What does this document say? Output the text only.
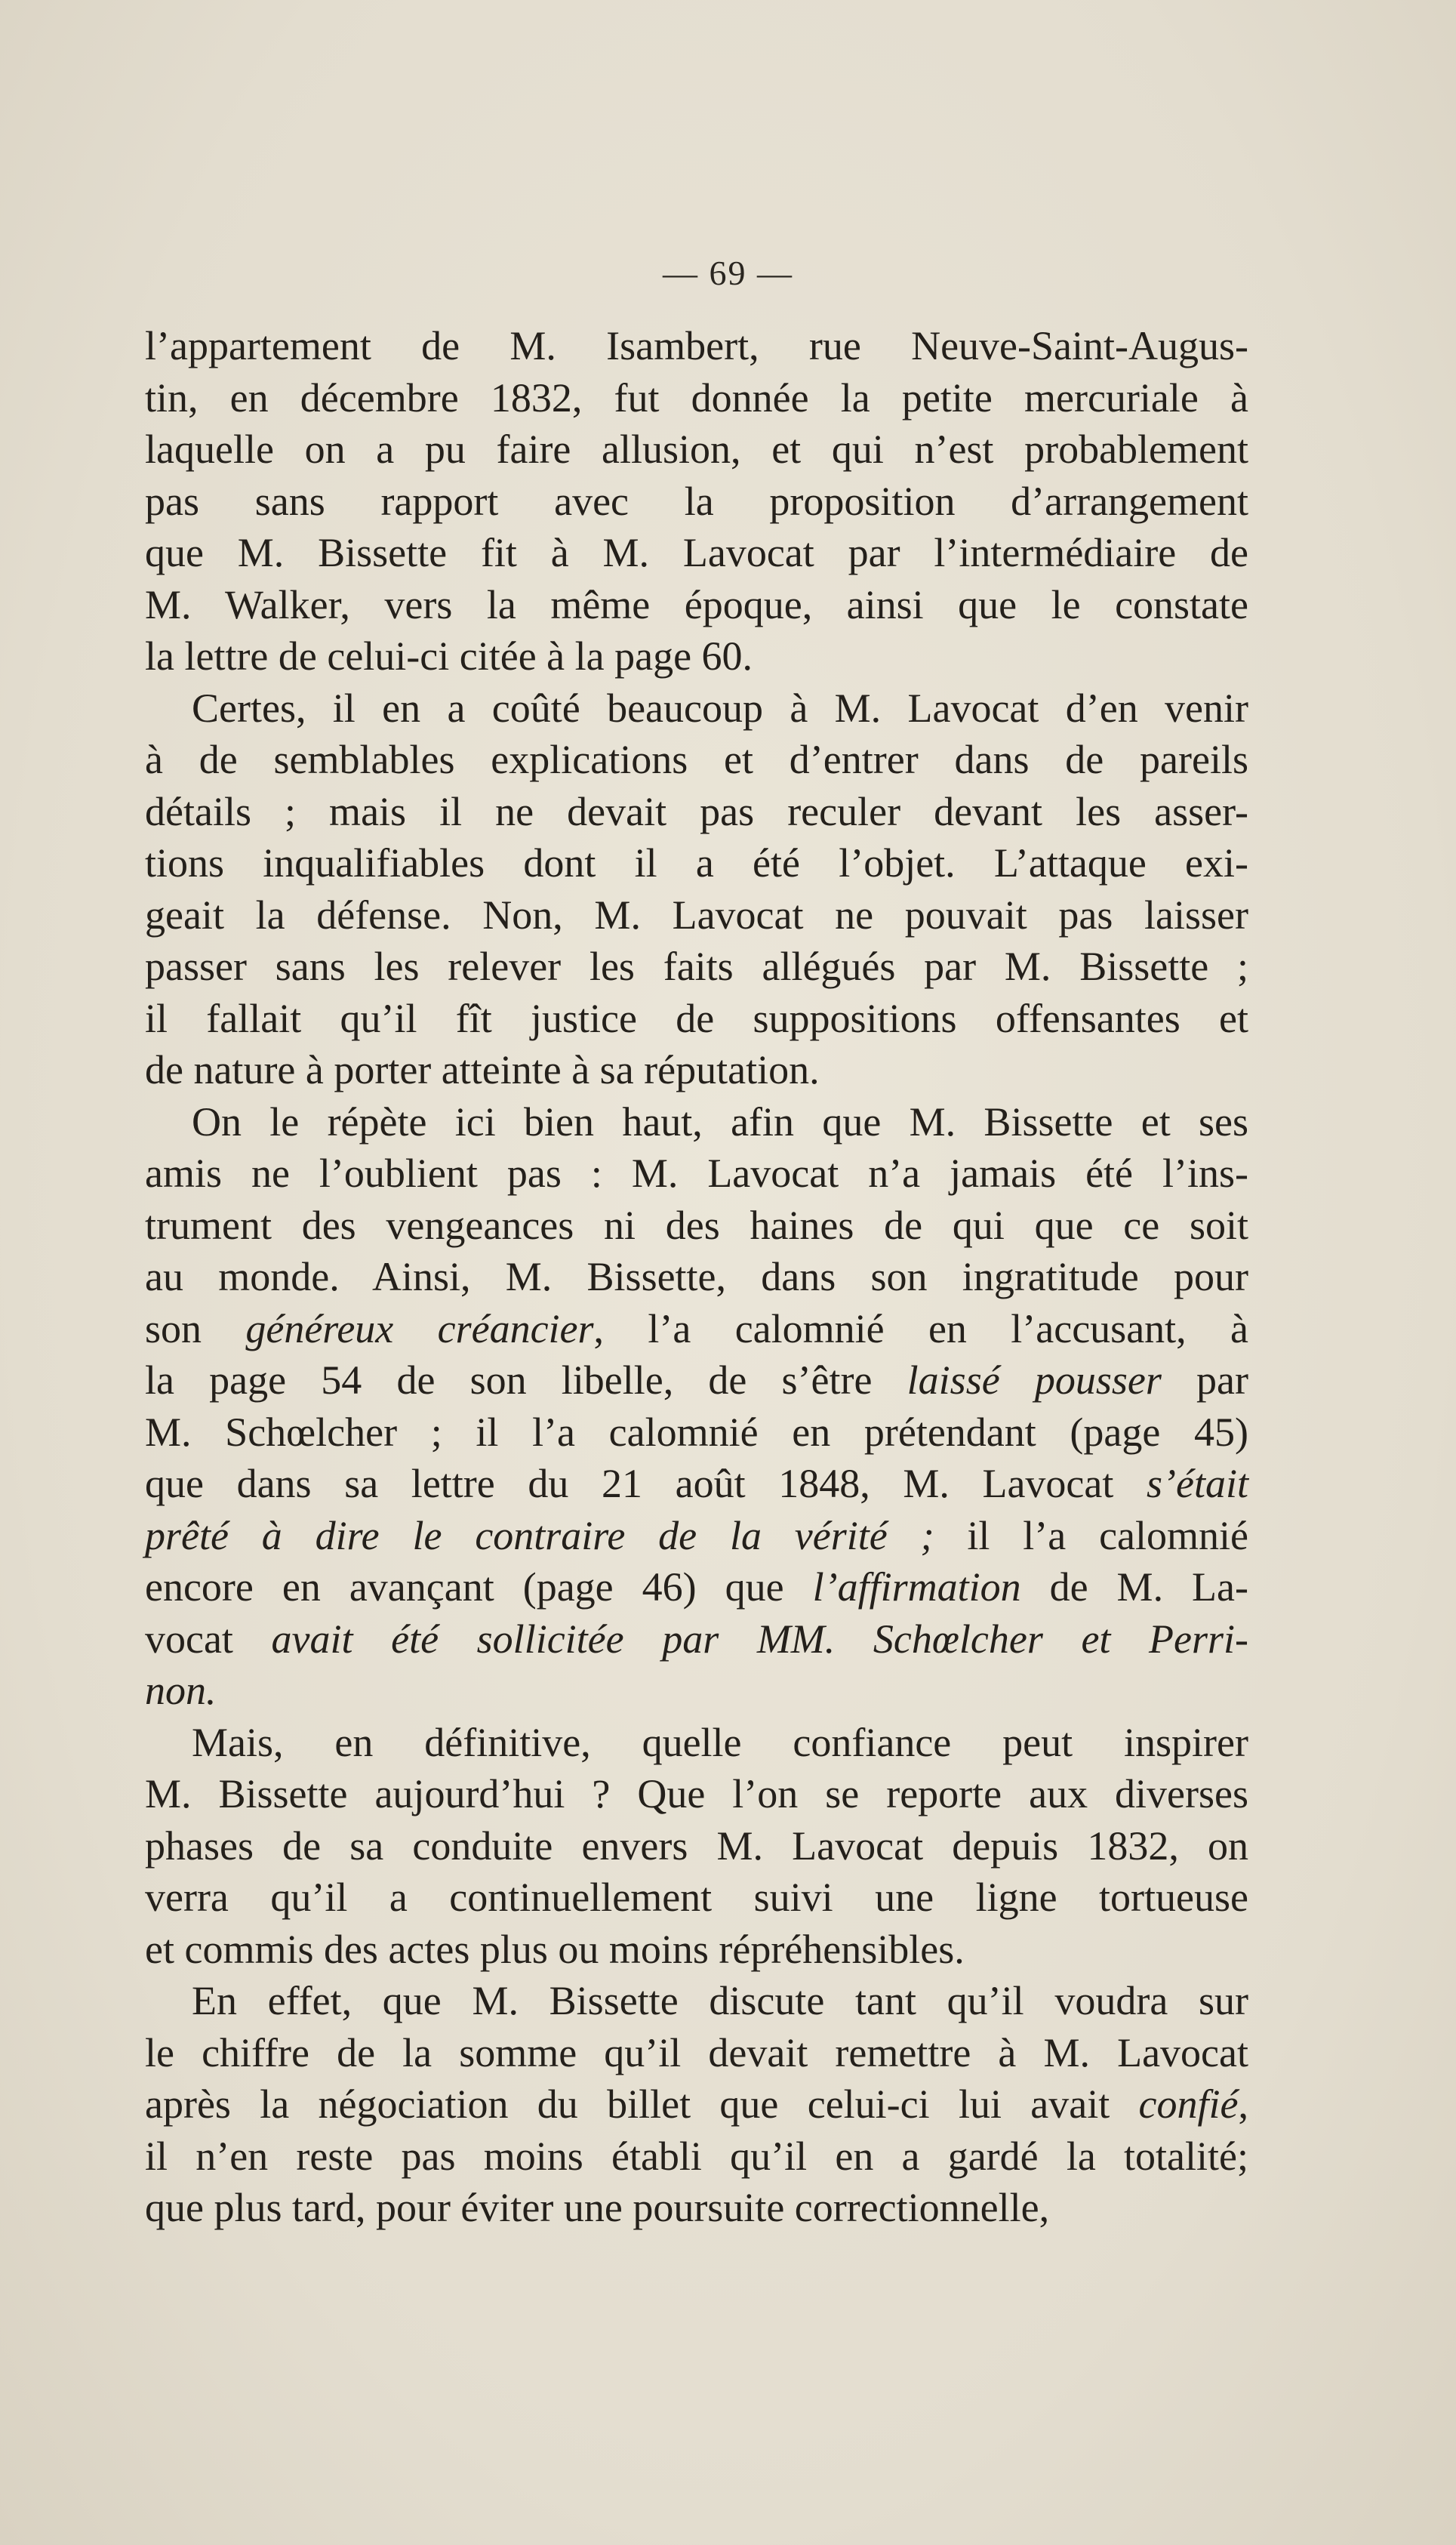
— 69 —
l’appartement de M. Isambert, rue Neuve-Saint-Augus-
tin, en décembre 1832, fut donnée la petite mercuriale à
laquelle on a pu faire allusion, et qui n’est probablement
pas sans rapport avec la proposition d’arrangement
que M. Bissette fit à M. Lavocat par l’intermédiaire de
M. Walker, vers la même époque, ainsi que le constate
la lettre de celui-ci citée à la page 60.
Certes, il en a coûté beaucoup à M. Lavocat d’en venir
à de semblables explications et d’entrer dans de pareils
détails ; mais il ne devait pas reculer devant les asser-
tions inqualifiables dont il a été l’objet. L’attaque exi-
geait la défense. Non, M. Lavocat ne pouvait pas laisser
passer sans les relever les faits allégués par M. Bissette ;
il fallait qu’il fît justice de suppositions offensantes et
de nature à porter atteinte à sa réputation.
On le répète ici bien haut, afin que M. Bissette et ses
amis ne l’oublient pas : M. Lavocat n’a jamais été l’ins-
trument des vengeances ni des haines de qui que ce soit
au monde. Ainsi, M. Bissette, dans son ingratitude pour
son généreux créancier, l’a calomnié en l’accusant, à
la page 54 de son libelle, de s’être laissé pousser par
M. Schœlcher ; il l’a calomnié en prétendant (page 45)
que dans sa lettre du 21 août 1848, M. Lavocat s’était
prêté à dire le contraire de la vérité ; il l’a calomnié
encore en avançant (page 46) que l’affirmation de M. La-
vocat avait été sollicitée par MM. Schœlcher et Perri-
non.
Mais, en définitive, quelle confiance peut inspirer
M. Bissette aujourd’hui ? Que l’on se reporte aux diverses
phases de sa conduite envers M. Lavocat depuis 1832, on
verra qu’il a continuellement suivi une ligne tortueuse
et commis des actes plus ou moins répréhensibles.
En effet, que M. Bissette discute tant qu’il voudra sur
le chiffre de la somme qu’il devait remettre à M. Lavocat
après la négociation du billet que celui-ci lui avait confié,
il n’en reste pas moins établi qu’il en a gardé la totalité;
que plus tard, pour éviter une poursuite correctionnelle,
